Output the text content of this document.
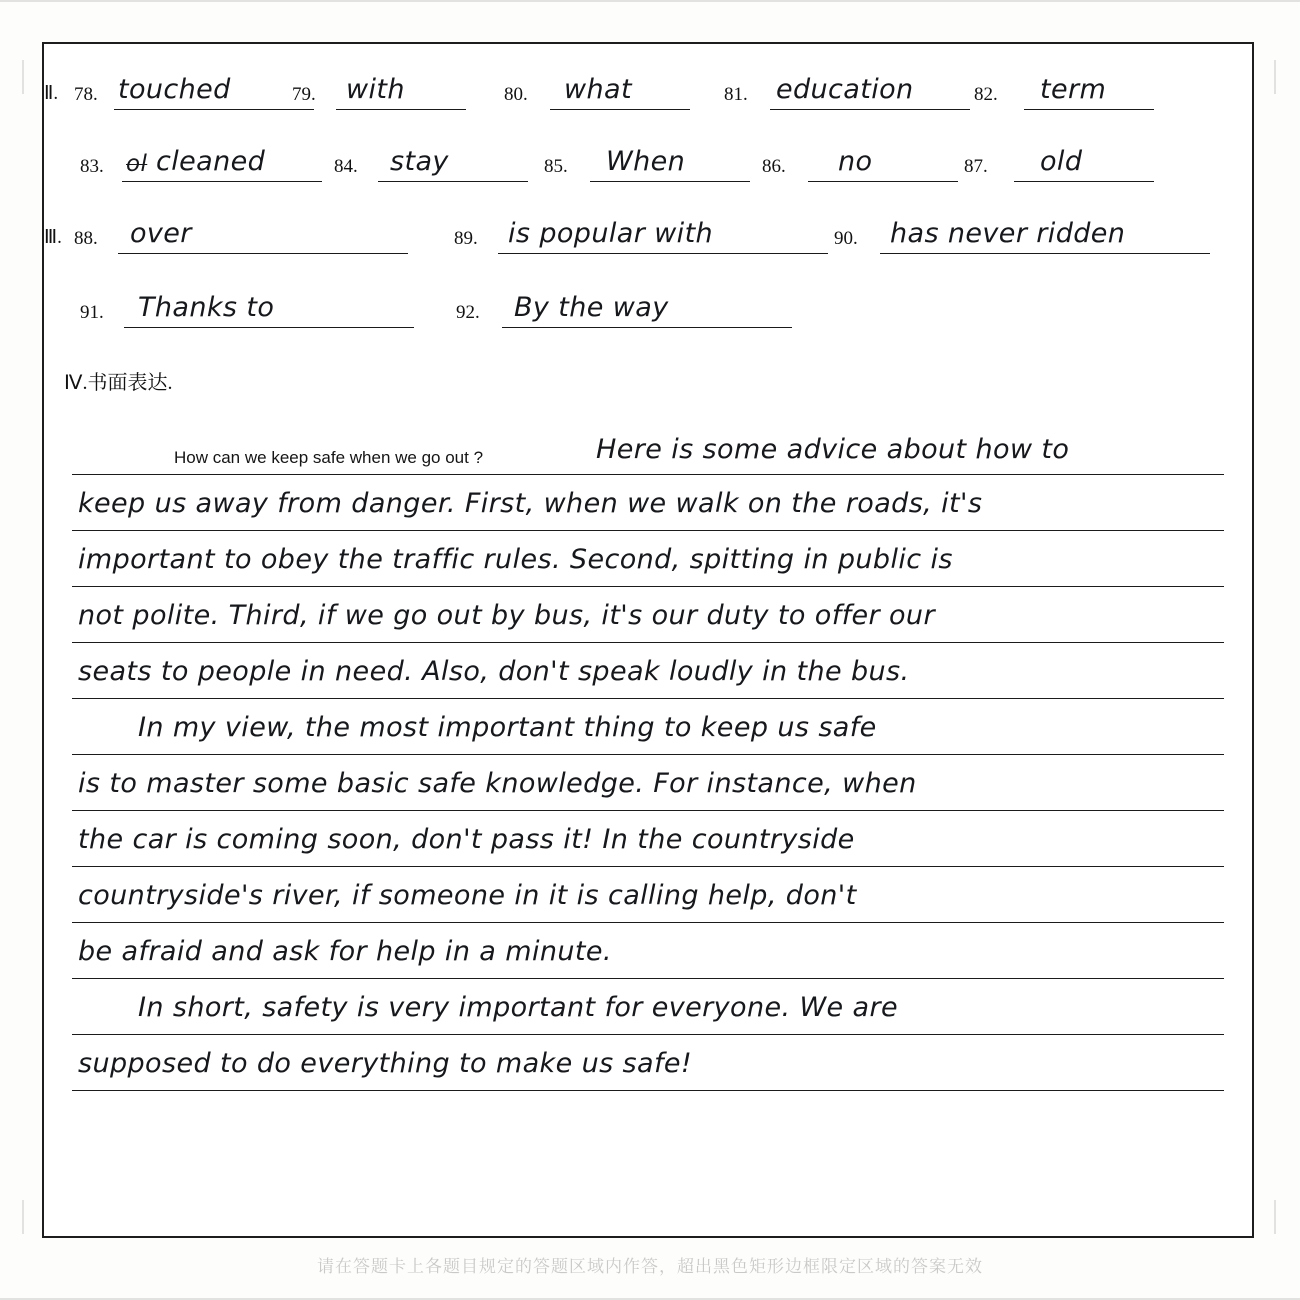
Ⅱ. 78. touched	79. with	80. what	81. education	82. term
83. ol cleaned	84. stay	85. When	86. no	87. old
Ⅲ. 88. over	89. is popular with	90. has never ridden
91. Thanks to	92. By the way
Ⅳ.书面表达.
How can we keep safe when we go out ?	Here is some advice about how to
keep us away from danger. First, when we walk on the roads, it's
important to obey the traffic rules. Second, spitting in public is
not polite. Third, if we go out by bus, it's our duty to offer our
seats to people in need. Also, don't speak loudly in the bus.
In my view, the most important thing to keep us safe
is to master some basic safe knowledge. For instance, when
the car is coming soon, don't pass it! In the countryside
countryside's river, if someone in it is calling help, don't
be afraid and ask for help in a minute.
In short, safety is very important for everyone. We are
supposed to do everything to make us safe!
请在答题卡上各题目规定的答题区域内作答，超出黑色矩形边框限定区域的答案无效
